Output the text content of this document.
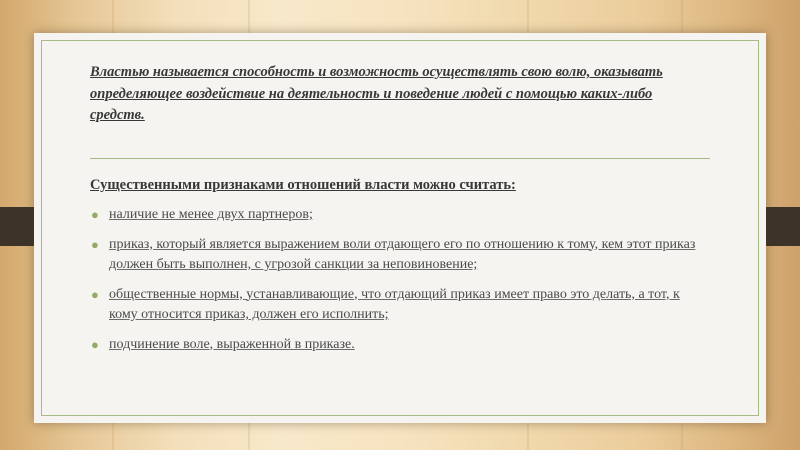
Властью называется способность и возможность осуществлять свою волю, оказывать определяющее воздействие на деятельность и поведение людей с помощью каких-либо средств.

Существенными признаками отношений власти можно считать:

● наличие не менее двух партнеров;
● приказ, который является выражением воли отдающего его по отношению к тому, кем этот приказ должен быть выполнен, с угрозой санкции за неповиновение;
● общественные нормы, устанавливающие, что отдающий приказ имеет право это делать, а тот, к кому относится приказ, должен его исполнить;
● подчинение воле, выраженной в приказе.
